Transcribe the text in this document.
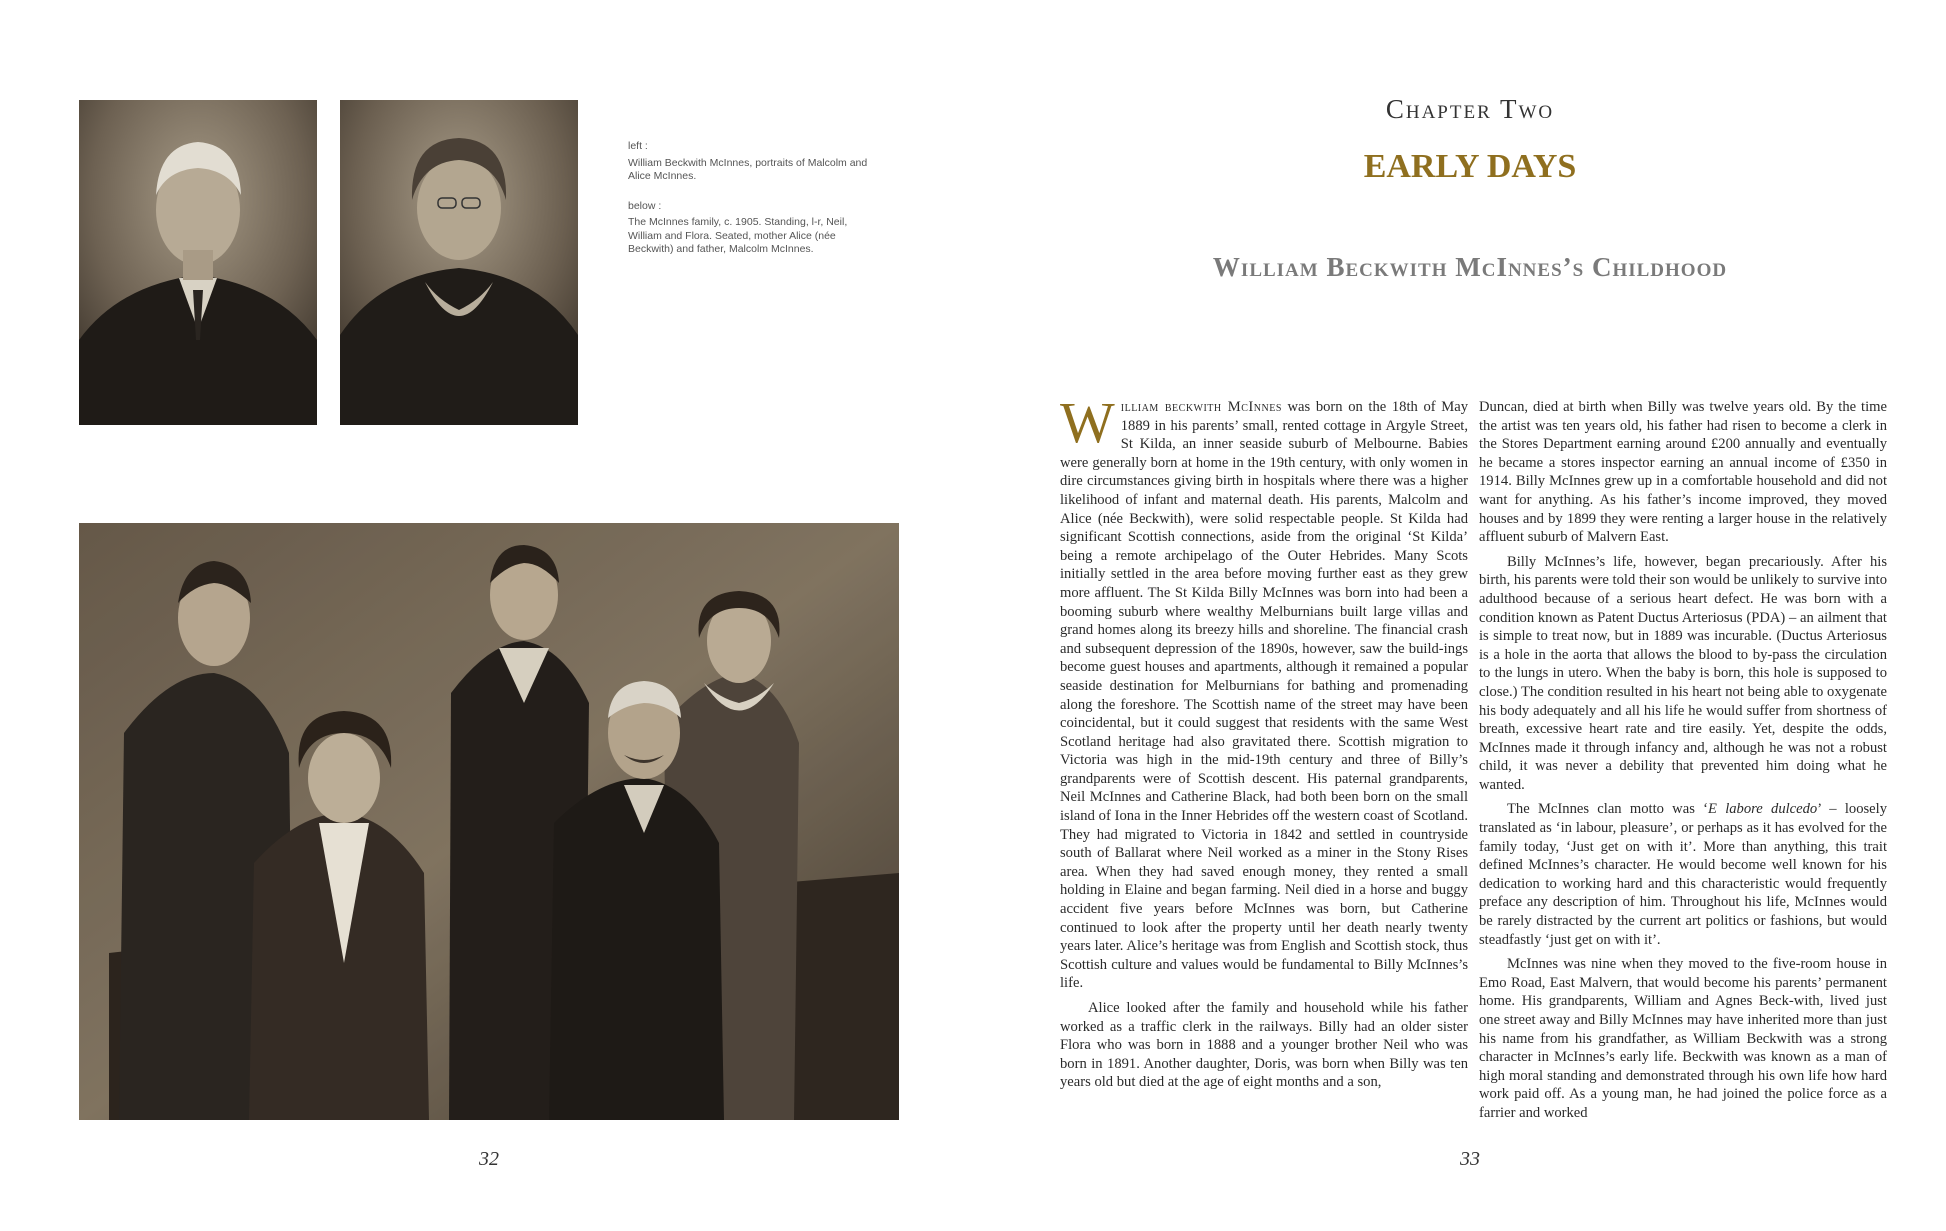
left :

William Beckwith McInnes, portraits of Malcolm and Alice McInnes.

below :

The McInnes family, c. 1905. Standing, l-r, Neil, William and Flora. Seated, mother Alice (née Beckwith) and father, Malcolm McInnes.

32
Chapter Two
EARLY DAYS
William Beckwith McInnes’s Childhood

William beckwith McInnes was born on the 18th of May 1889 in his parents’ small, rented cottage in Argyle Street, St Kilda, an inner seaside suburb of Melbourne. Babies were generally born at home in the 19th century, with only women in dire circumstances giving birth in hospitals where there was a higher likelihood of infant and maternal death. His parents, Malcolm and Alice (née Beckwith), were solid respectable people. St Kilda had significant Scottish connections, aside from the original ‘St Kilda’ being a remote archipelago of the Outer Hebrides. Many Scots initially settled in the area before moving further east as they grew more affluent. The St Kilda Billy McInnes was born into had been a booming suburb where wealthy Melburnians built large villas and grand homes along its breezy hills and shoreline. The financial crash and subsequent depression of the 1890s, however, saw the build-ings become guest houses and apartments, although it remained a popular seaside destination for Melburnians for bathing and promenading along the foreshore. The Scottish name of the street may have been coincidental, but it could suggest that residents with the same West Scotland heritage had also gravitated there. Scottish migration to Victoria was high in the mid-19th century and three of Billy’s grandparents were of Scottish descent. His paternal grandparents, Neil McInnes and Catherine Black, had both been born on the small island of Iona in the Inner Hebrides off the western coast of Scotland. They had migrated to Victoria in 1842 and settled in countryside south of Ballarat where Neil worked as a miner in the Stony Rises area. When they had saved enough money, they rented a small holding in Elaine and began farming. Neil died in a horse and buggy accident five years before McInnes was born, but Catherine continued to look after the property until her death nearly twenty years later. Alice’s heritage was from English and Scottish stock, thus Scottish culture and values would be fundamental to Billy McInnes’s life.

Alice looked after the family and household while his father worked as a traffic clerk in the railways. Billy had an older sister Flora who was born in 1888 and a younger brother Neil who was born in 1891. Another daughter, Doris, was born when Billy was ten years old but died at the age of eight months and a son,

Duncan, died at birth when Billy was twelve years old. By the time the artist was ten years old, his father had risen to become a clerk in the Stores Department earning around £200 annually and eventually he became a stores inspector earning an annual income of £350 in 1914. Billy McInnes grew up in a comfortable household and did not want for anything. As his father’s income improved, they moved houses and by 1899 they were renting a larger house in the relatively affluent suburb of Malvern East.

Billy McInnes’s life, however, began precariously. After his birth, his parents were told their son would be unlikely to survive into adulthood because of a serious heart defect. He was born with a condition known as Patent Ductus Arteriosus (PDA) – an ailment that is simple to treat now, but in 1889 was incurable. (Ductus Arteriosus is a hole in the aorta that allows the blood to by-pass the circulation to the lungs in utero. When the baby is born, this hole is supposed to close.) The condition resulted in his heart not being able to oxygenate his body adequately and all his life he would suffer from shortness of breath, excessive heart rate and tire easily. Yet, despite the odds, McInnes made it through infancy and, although he was not a robust child, it was never a debility that prevented him doing what he wanted.

The McInnes clan motto was ‘E labore dulcedo’ – loosely translated as ‘in labour, pleasure’, or perhaps as it has evolved for the family today, ‘Just get on with it’. More than anything, this trait defined McInnes’s character. He would become well known for his dedication to working hard and this characteristic would frequently preface any description of him. Throughout his life, McInnes would be rarely distracted by the current art politics or fashions, but would steadfastly ‘just get on with it’.

McInnes was nine when they moved to the five-room house in Emo Road, East Malvern, that would become his parents’ permanent home. His grandparents, William and Agnes Beck-with, lived just one street away and Billy McInnes may have inherited more than just his name from his grandfather, as William Beckwith was a strong character in McInnes’s early life. Beckwith was known as a man of high moral standing and demonstrated through his own life how hard work paid off. As a young man, he had joined the police force as a farrier and worked

33
